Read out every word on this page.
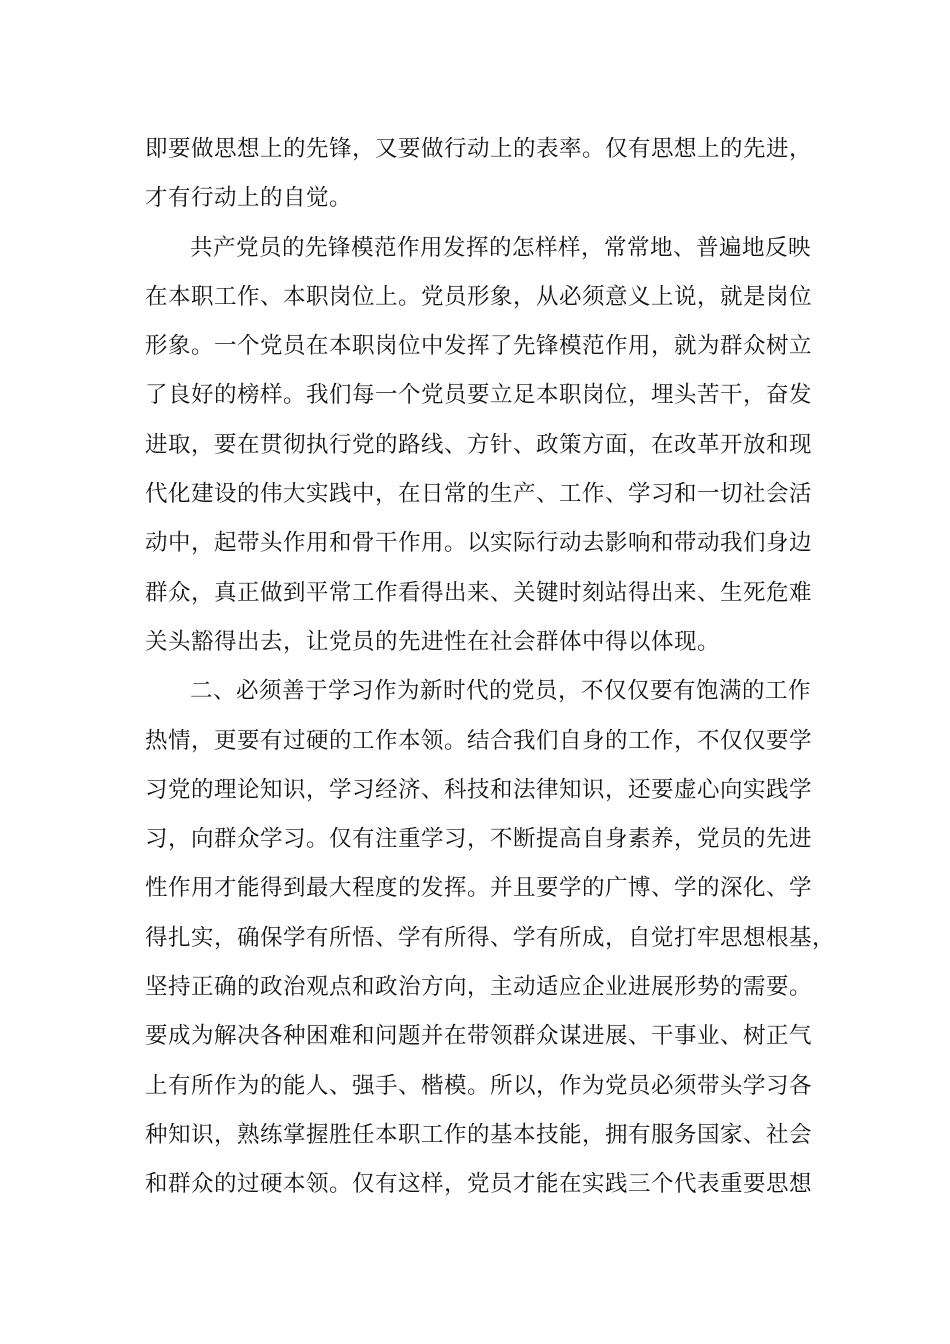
即要做思想上的先锋，又要做行动上的表率。仅有思想上的先进，
才有行动上的自觉。
共产党员的先锋模范作用发挥的怎样样，常常地、普遍地反映
在本职工作、本职岗位上。党员形象，从必须意义上说，就是岗位
形象。一个党员在本职岗位中发挥了先锋模范作用，就为群众树立
了良好的榜样。我们每一个党员要立足本职岗位，埋头苦干，奋发
进取，要在贯彻执行党的路线、方针、政策方面，在改革开放和现
代化建设的伟大实践中，在日常的生产、工作、学习和一切社会活
动中，起带头作用和骨干作用。以实际行动去影响和带动我们身边
群众，真正做到平常工作看得出来、关键时刻站得出来、生死危难
关头豁得出去，让党员的先进性在社会群体中得以体现。
二、必须善于学习作为新时代的党员，不仅仅要有饱满的工作
热情，更要有过硬的工作本领。结合我们自身的工作，不仅仅要学
习党的理论知识，学习经济、科技和法律知识，还要虚心向实践学
习，向群众学习。仅有注重学习，不断提高自身素养，党员的先进
性作用才能得到最大程度的发挥。并且要学的广博、学的深化、学
得扎实，确保学有所悟、学有所得、学有所成，自觉打牢思想根基，
坚持正确的政治观点和政治方向，主动适应企业进展形势的需要。
要成为解决各种困难和问题并在带领群众谋进展、干事业、树正气
上有所作为的能人、强手、楷模。所以，作为党员必须带头学习各
种知识，熟练掌握胜任本职工作的基本技能，拥有服务国家、社会
和群众的过硬本领。仅有这样，党员才能在实践三个代表重要思想
